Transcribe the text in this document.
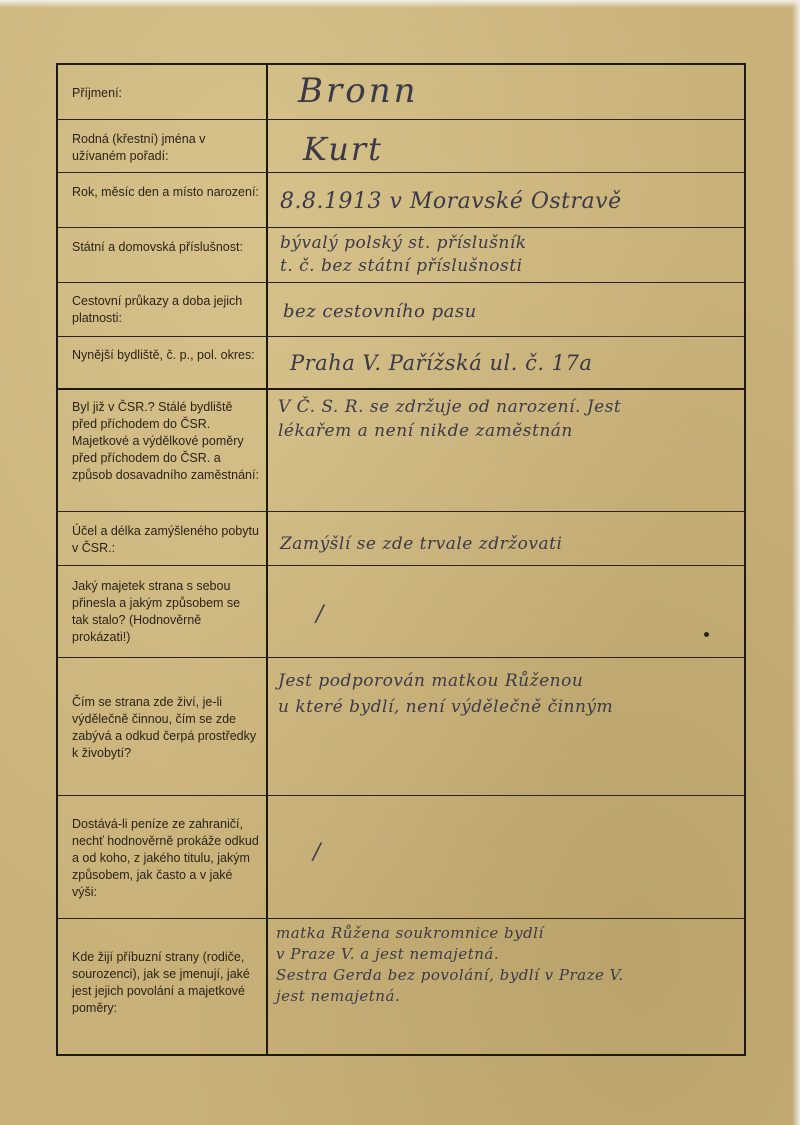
Příjmení:	Bronn
Rodná (křestní) jména v užívaném pořadí:	Kurt
Rok, měsíc den a místo narození: 8.8.1913 v Moravské Ostravě
Státní a domovská příslušnost:	bývalý polský st. příslušník
t. č. bez státní příslušnosti
Cestovní průkazy a doba jejich platnosti:	bez cestovního pasu
Nynější bydliště, č. p., pol. okres: Praha V. Pařížská ul. č. 17a
Byl již v ČSR.? Stálé bydliště před příchodem do ČSR. Majetkové a výdělkové poměry před příchodem do ČSR. a způsob dosavadního zaměstnání:
V Č. S. R. se zdržuje od narození. Jest
lékařem a není nikde zaměstnán
Účel a délka zamýšleného pobytu v ČSR.:	Zamýšlí se zde trvale zdržovati
Jaký majetek strana s sebou přinesla a jakým způsobem se tak stalo? (Hodnověrně prokázati!)
/
Čím se strana zde živí, je-li výdělečně činnou, čím se zde zabývá a odkud čerpá prostředky k živobytí?
Jest podporován matkou Růženou
u které bydlí, není výdělečně činným
Dostává-li peníze ze zahraničí, nechť hodnověrně prokáže odkud a od koho, z jakého titulu, jakým způsobem, jak často a v jaké výši:
/
Kde žijí příbuzní strany (rodiče, sourozenci), jak se jmenují, jaké jest jejich povolání a majetkové poměry:
matka Růžena soukromnice bydlí
v Praze V. a jest nemajetná.
Sestra Gerda bez povolání, bydlí v Praze V.
jest nemajetná.
